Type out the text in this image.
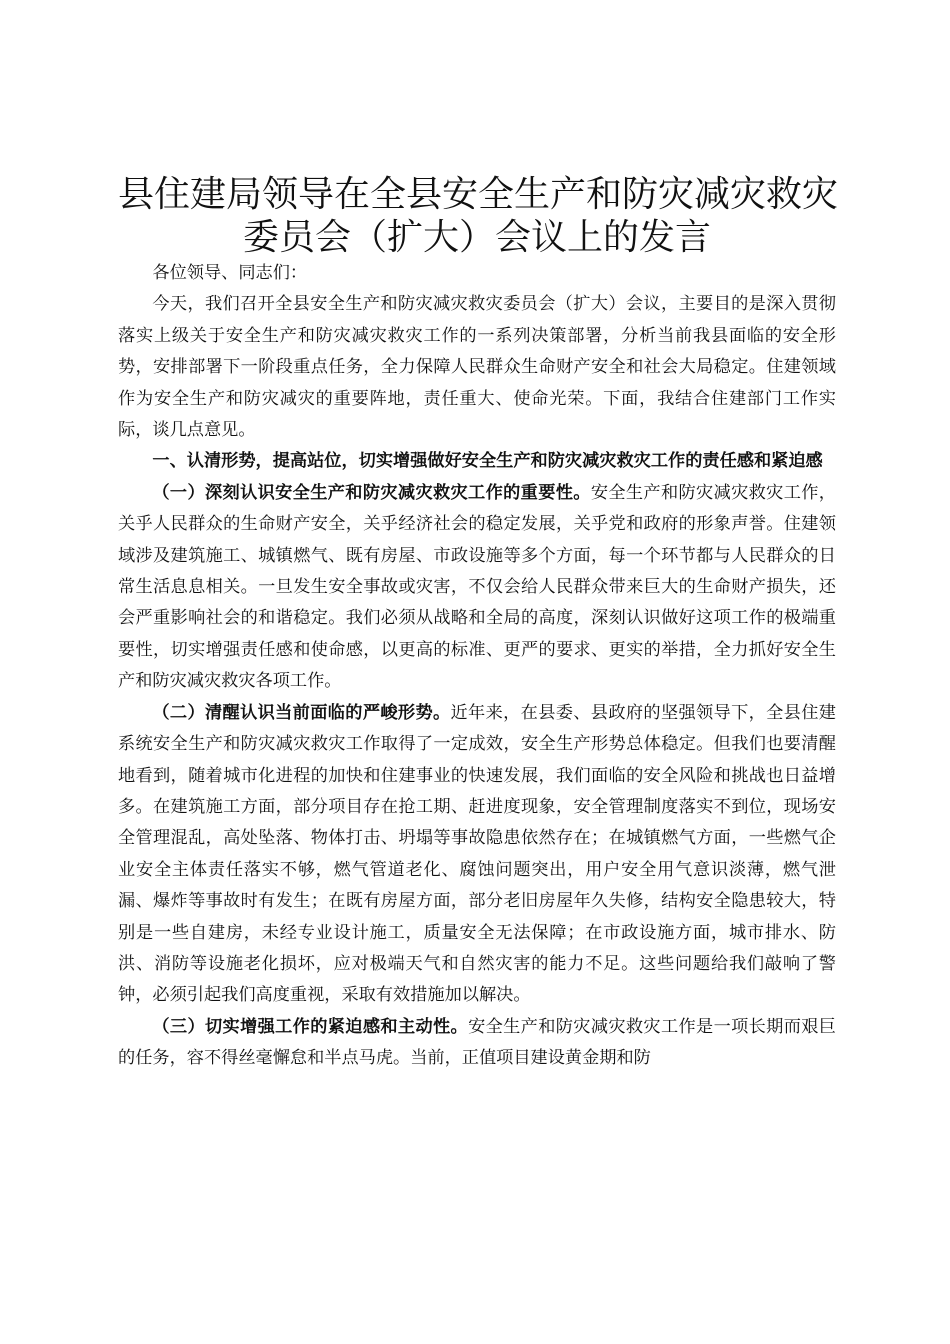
县住建局领导在全县安全生产和防灾减灾救灾
委员会（扩大）会议上的发言

各位领导、同志们：

今天，我们召开全县安全生产和防灾减灾救灾委员会（扩大）会议，主要目的是深入贯彻落实上级关于安全生产和防灾减灾救灾工作的一系列决策部署，分析当前我县面临的安全形势，安排部署下一阶段重点任务，全力保障人民群众生命财产安全和社会大局稳定。住建领域作为安全生产和防灾减灾的重要阵地，责任重大、使命光荣。下面，我结合住建部门工作实际，谈几点意见。

一、认清形势，提高站位，切实增强做好安全生产和防灾减灾救灾工作的责任感和紧迫感

（一）深刻认识安全生产和防灾减灾救灾工作的重要性。安全生产和防灾减灾救灾工作，关乎人民群众的生命财产安全，关乎经济社会的稳定发展，关乎党和政府的形象声誉。住建领域涉及建筑施工、城镇燃气、既有房屋、市政设施等多个方面，每一个环节都与人民群众的日常生活息息相关。一旦发生安全事故或灾害，不仅会给人民群众带来巨大的生命财产损失，还会严重影响社会的和谐稳定。我们必须从战略和全局的高度，深刻认识做好这项工作的极端重要性，切实增强责任感和使命感，以更高的标准、更严的要求、更实的举措，全力抓好安全生产和防灾减灾救灾各项工作。

（二）清醒认识当前面临的严峻形势。近年来，在县委、县政府的坚强领导下，全县住建系统安全生产和防灾减灾救灾工作取得了一定成效，安全生产形势总体稳定。但我们也要清醒地看到，随着城市化进程的加快和住建事业的快速发展，我们面临的安全风险和挑战也日益增多。在建筑施工方面，部分项目存在抢工期、赶进度现象，安全管理制度落实不到位，现场安全管理混乱，高处坠落、物体打击、坍塌等事故隐患依然存在；在城镇燃气方面，一些燃气企业安全主体责任落实不够，燃气管道老化、腐蚀问题突出，用户安全用气意识淡薄，燃气泄漏、爆炸等事故时有发生；在既有房屋方面，部分老旧房屋年久失修，结构安全隐患较大，特别是一些自建房，未经专业设计施工，质量安全无法保障；在市政设施方面，城市排水、防洪、消防等设施老化损坏，应对极端天气和自然灾害的能力不足。这些问题给我们敲响了警钟，必须引起我们高度重视，采取有效措施加以解决。

（三）切实增强工作的紧迫感和主动性。安全生产和防灾减灾救灾工作是一项长期而艰巨的任务，容不得丝毫懈怠和半点马虎。当前，正值项目建设黄金期和防
